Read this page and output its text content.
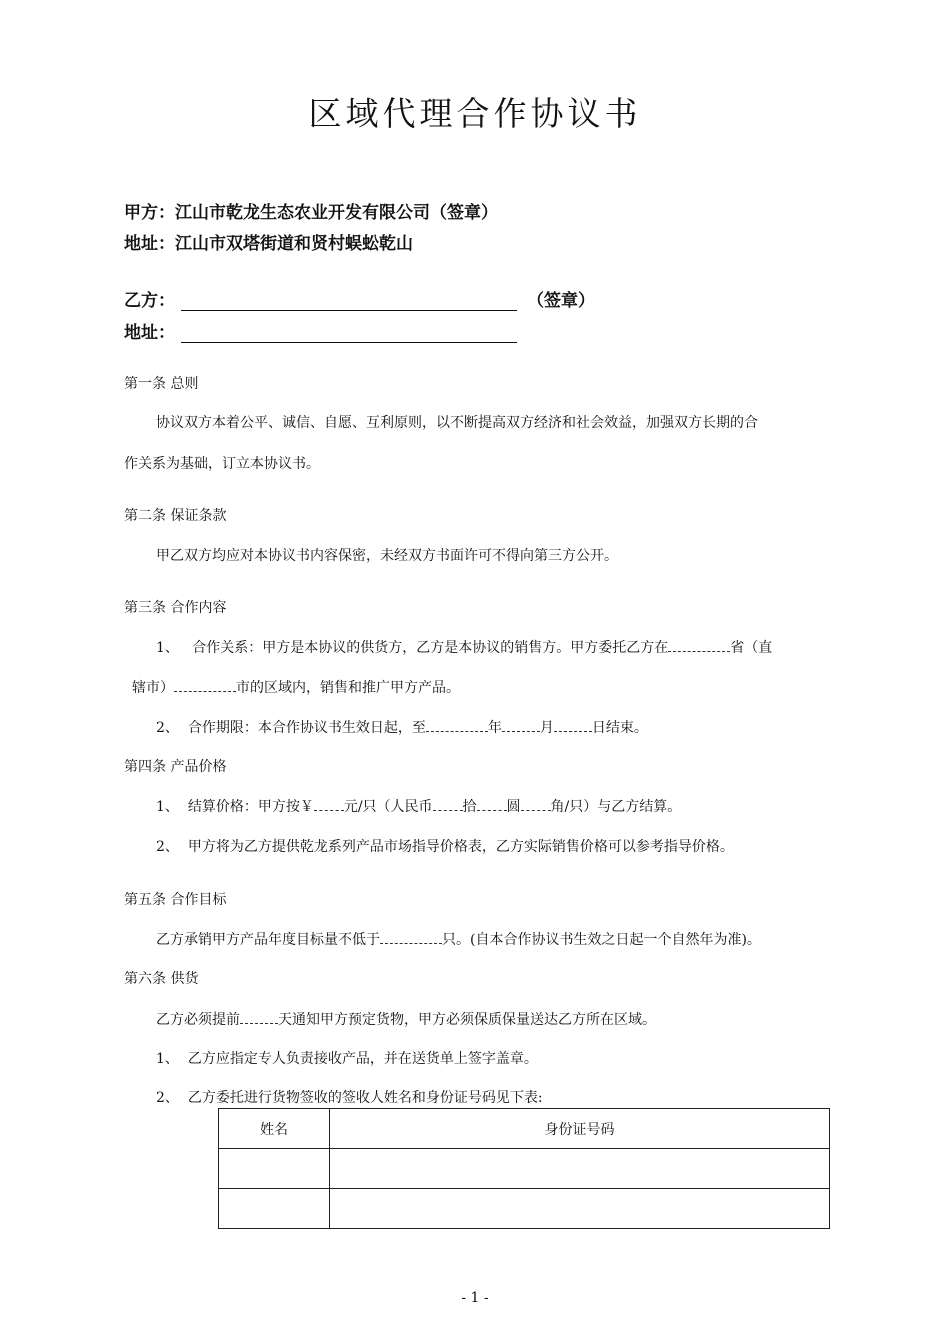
区域代理合作协议书
甲方：江山市乾龙生态农业开发有限公司（签章）
地址：江山市双塔街道和贤村蜈蚣乾山
乙方：	（签章）
地址：
第一条 总则
协议双方本着公平、诚信、自愿、互利原则，以不断提高双方经济和社会效益，加强双方长期的合
作关系为基础，订立本协议书。
第二条 保证条款
甲乙双方均应对本协议书内容保密，未经双方书面许可不得向第三方公开。
第三条 合作内容
1、 合作关系：甲方是本协议的供货方，乙方是本协议的销售方。甲方委托乙方在	省（直
辖市）	市的区域内，销售和推广甲方产品。
2、 合作期限：本合作协议书生效日起，至	年	月	日结束。
第四条 产品价格
1、 结算价格：甲方按￥ 元/只（人民币 拾 圆 角/只）与乙方结算。
2、 甲方将为乙方提供乾龙系列产品市场指导价格表，乙方实际销售价格可以参考指导价格。
第五条 合作目标
乙方承销甲方产品年度目标量不低于	只。(自本合作协议书生效之日起一个自然年为准)。
第六条 供货
乙方必须提前	天通知甲方预定货物，甲方必须保质保量送达乙方所在区域。
1、 乙方应指定专人负责接收产品，并在送货单上签字盖章。
2、 乙方委托进行货物签收的签收人姓名和身份证号码见下表:
姓名	身份证号码

- 1 -
